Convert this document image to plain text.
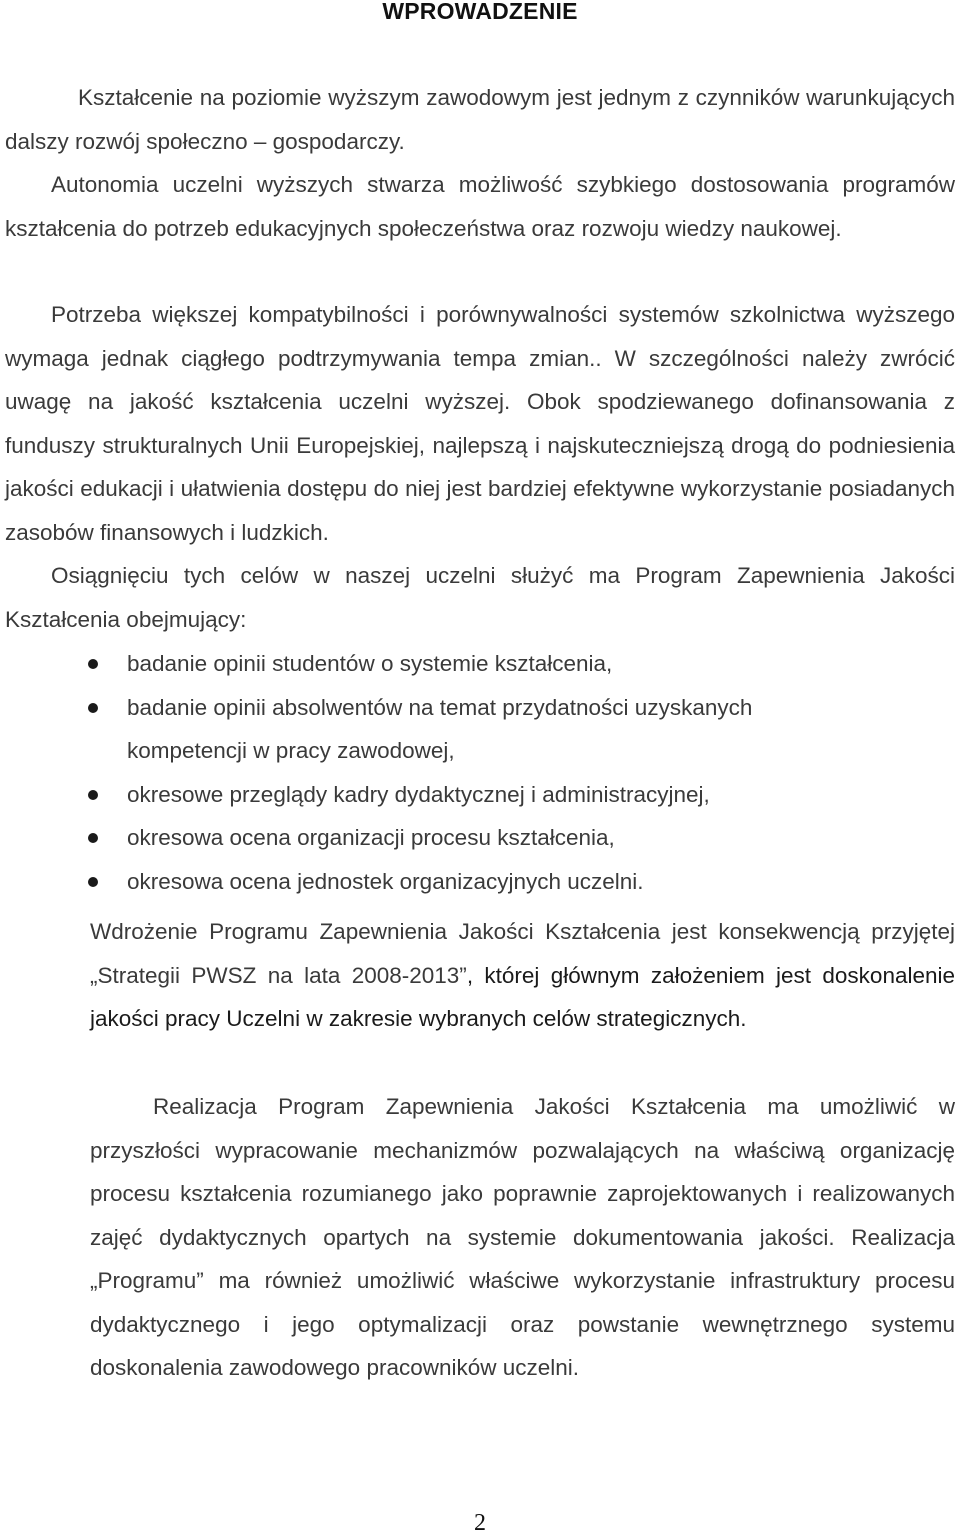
WPROWADZENIE

Kształcenie na poziomie wyższym zawodowym jest jednym z czynników warunkujących dalszy rozwój społeczno – gospodarczy.

Autonomia uczelni wyższych stwarza możliwość szybkiego dostosowania programów kształcenia do potrzeb edukacyjnych społeczeństwa oraz rozwoju wiedzy naukowej.

Potrzeba większej kompatybilności i porównywalności systemów szkolnictwa wyższego wymaga jednak ciągłego podtrzymywania tempa zmian.. W szczególności należy zwrócić uwagę na jakość kształcenia uczelni wyższej. Obok spodziewanego dofinansowania z funduszy strukturalnych Unii Europejskiej, najlepszą i najskuteczniejszą drogą do podniesienia jakości edukacji i ułatwienia dostępu do niej jest bardziej efektywne wykorzystanie posiadanych zasobów finansowych i ludzkich.

Osiągnięciu tych celów w naszej uczelni służyć ma Program Zapewnienia Jakości Kształcenia obejmujący:

badanie opinii studentów o systemie kształcenia,
badanie opinii absolwentów na temat przydatności uzyskanych kompetencji w pracy zawodowej,
okresowe przeglądy kadry dydaktycznej i administracyjnej,
okresowa ocena organizacji procesu kształcenia,
okresowa ocena jednostek organizacyjnych uczelni.

Wdrożenie Programu Zapewnienia Jakości Kształcenia jest konsekwencją przyjętej „Strategii PWSZ na lata 2008-2013”, której głównym założeniem jest doskonalenie jakości pracy Uczelni w zakresie wybranych celów strategicznych.

Realizacja Program Zapewnienia Jakości Kształcenia ma umożliwić w przyszłości wypracowanie mechanizmów pozwalających na właściwą organizację procesu kształcenia rozumianego jako poprawnie zaprojektowanych i realizowanych zajęć dydaktycznych opartych na systemie dokumentowania jakości. Realizacja „Programu” ma również umożliwić właściwe wykorzystanie infrastruktury procesu dydaktycznego i jego optymalizacji oraz powstanie wewnętrznego systemu doskonalenia zawodowego pracowników uczelni.

2
